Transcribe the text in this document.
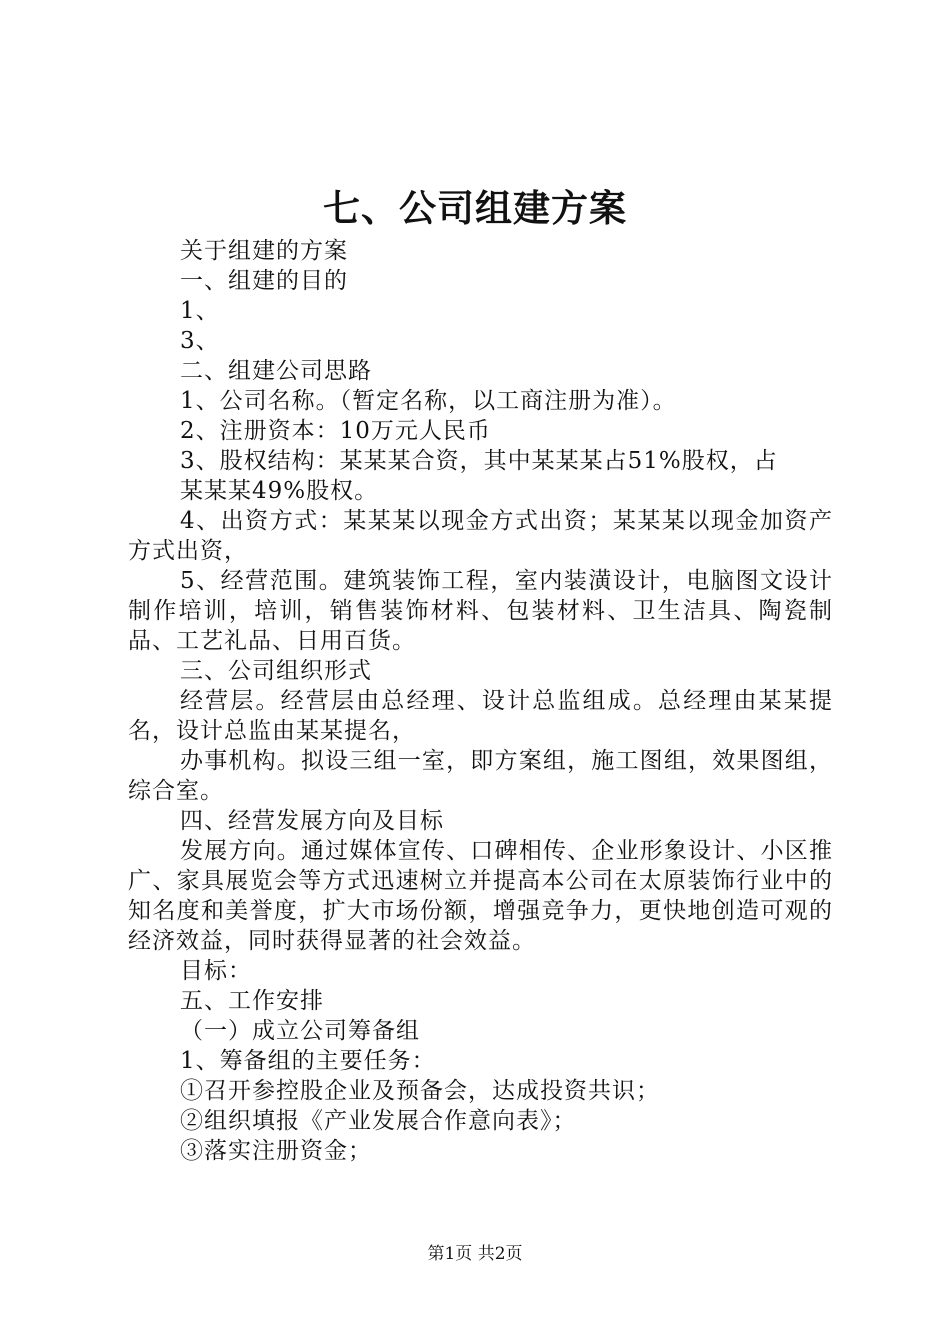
七、公司组建方案

关于组建的方案

一、组建的目的

1、

3、

二、组建公司思路

1、公司名称。（暂定名称，以工商注册为准）。

2、注册资本：10万元人民币

3、股权结构：某某某合资，其中某某某占51%股权，占

某某某49%股权。

4、出资方式：某某某以现金方式出资；某某某以现金加资产方式出资，

5、经营范围。建筑装饰工程，室内装潢设计，电脑图文设计制作培训，培训，销售装饰材料、包装材料、卫生洁具、陶瓷制品、工艺礼品、日用百货。

三、公司组织形式

经营层。经营层由总经理、设计总监组成。总经理由某某提名，设计总监由某某提名，

办事机构。拟设三组一室，即方案组，施工图组，效果图组，综合室。

四、经营发展方向及目标

发展方向。通过媒体宣传、口碑相传、企业形象设计、小区推广、家具展览会等方式迅速树立并提高本公司在太原装饰行业中的知名度和美誉度，扩大市场份额，增强竞争力，更快地创造可观的经济效益，同时获得显著的社会效益。

目标：

五、工作安排

（一）成立公司筹备组

1、筹备组的主要任务：

①召开参控股企业及预备会，达成投资共识；

②组织填报《产业发展合作意向表》；

③落实注册资金；

第1页 共2页
